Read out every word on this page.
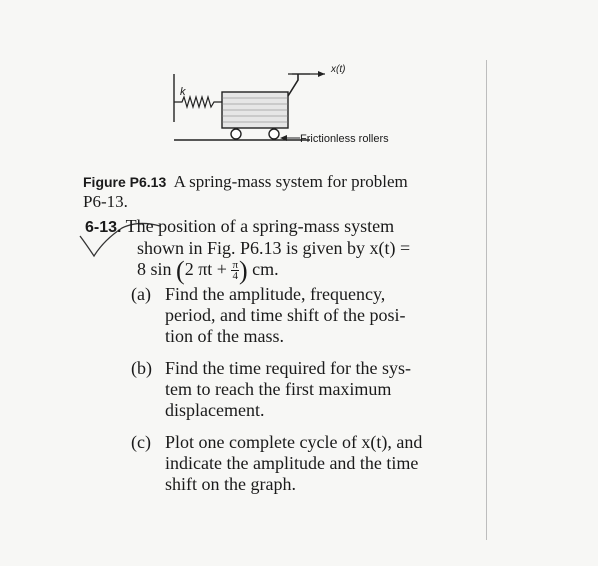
k
x(t)
Frictionless rollers
Figure P6.13 A spring-mass system for problem
P6-13.
6-13. The position of a spring-mass system
shown in Fig. P6.13 is given by x(t) =
8 sin (2 $\pi t + \frac{\pi}{4}$ ) cm.

(a) Find the amplitude, frequency,

period, and time shift of the posi-

tion of the mass.

(b) Find the time required for the sys-

tem to reach the first maximum

displacement.

(c) Plot one complete cycle of x(t), and

indicate the amplitude and the time

shift on the graph.
